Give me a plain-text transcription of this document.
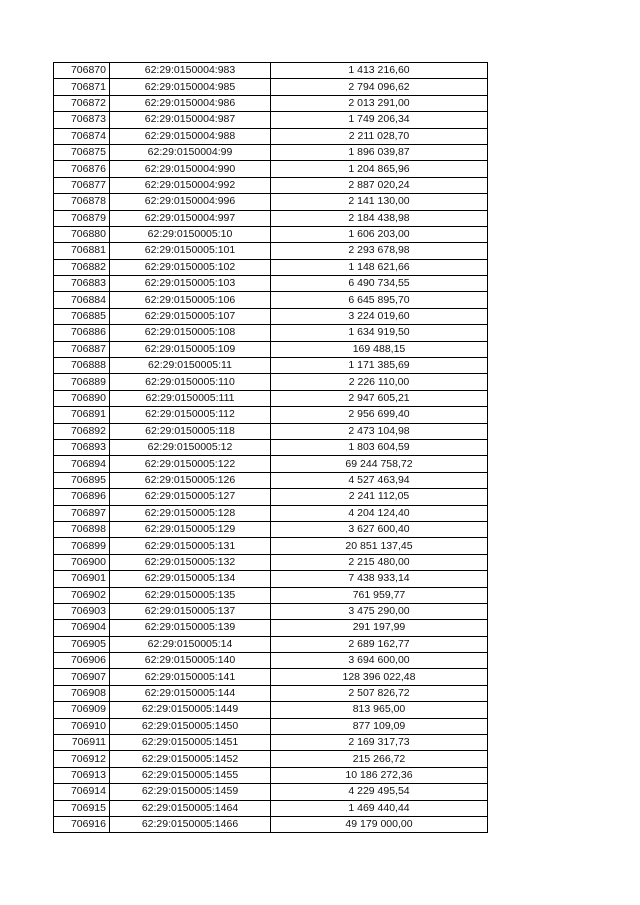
706870	62:29:0150004:983	1 413 216,60
706871	62:29:0150004:985	2 794 096,62
706872	62:29:0150004:986	2 013 291,00
706873	62:29:0150004:987	1 749 206,34
706874	62:29:0150004:988	2 211 028,70
706875	62:29:0150004:99	1 896 039,87
706876	62:29:0150004:990	1 204 865,96
706877	62:29:0150004:992	2 887 020,24
706878	62:29:0150004:996	2 141 130,00
706879	62:29:0150004:997	2 184 438,98
706880	62:29:0150005:10	1 606 203,00
706881	62:29:0150005:101	2 293 678,98
706882	62:29:0150005:102	1 148 621,66
706883	62:29:0150005:103	6 490 734,55
706884	62:29:0150005:106	6 645 895,70
706885	62:29:0150005:107	3 224 019,60
706886	62:29:0150005:108	1 634 919,50
706887	62:29:0150005:109	169 488,15
706888	62:29:0150005:11	1 171 385,69
706889	62:29:0150005:110	2 226 110,00
706890	62:29:0150005:111	2 947 605,21
706891	62:29:0150005:112	2 956 699,40
706892	62:29:0150005:118	2 473 104,98
706893	62:29:0150005:12	1 803 604,59
706894	62:29:0150005:122	69 244 758,72
706895	62:29:0150005:126	4 527 463,94
706896	62:29:0150005:127	2 241 112,05
706897	62:29:0150005:128	4 204 124,40
706898	62:29:0150005:129	3 627 600,40
706899	62:29:0150005:131	20 851 137,45
706900	62:29:0150005:132	2 215 480,00
706901	62:29:0150005:134	7 438 933,14
706902	62:29:0150005:135	761 959,77
706903	62:29:0150005:137	3 475 290,00
706904	62:29:0150005:139	291 197,99
706905	62:29:0150005:14	2 689 162,77
706906	62:29:0150005:140	3 694 600,00
706907	62:29:0150005:141	128 396 022,48
706908	62:29:0150005:144	2 507 826,72
706909	62:29:0150005:1449	813 965,00
706910	62:29:0150005:1450	877 109,09
706911	62:29:0150005:1451	2 169 317,73
706912	62:29:0150005:1452	215 266,72
706913	62:29:0150005:1455	10 186 272,36
706914	62:29:0150005:1459	4 229 495,54
706915	62:29:0150005:1464	1 469 440,44
706916	62:29:0150005:1466	49 179 000,00
